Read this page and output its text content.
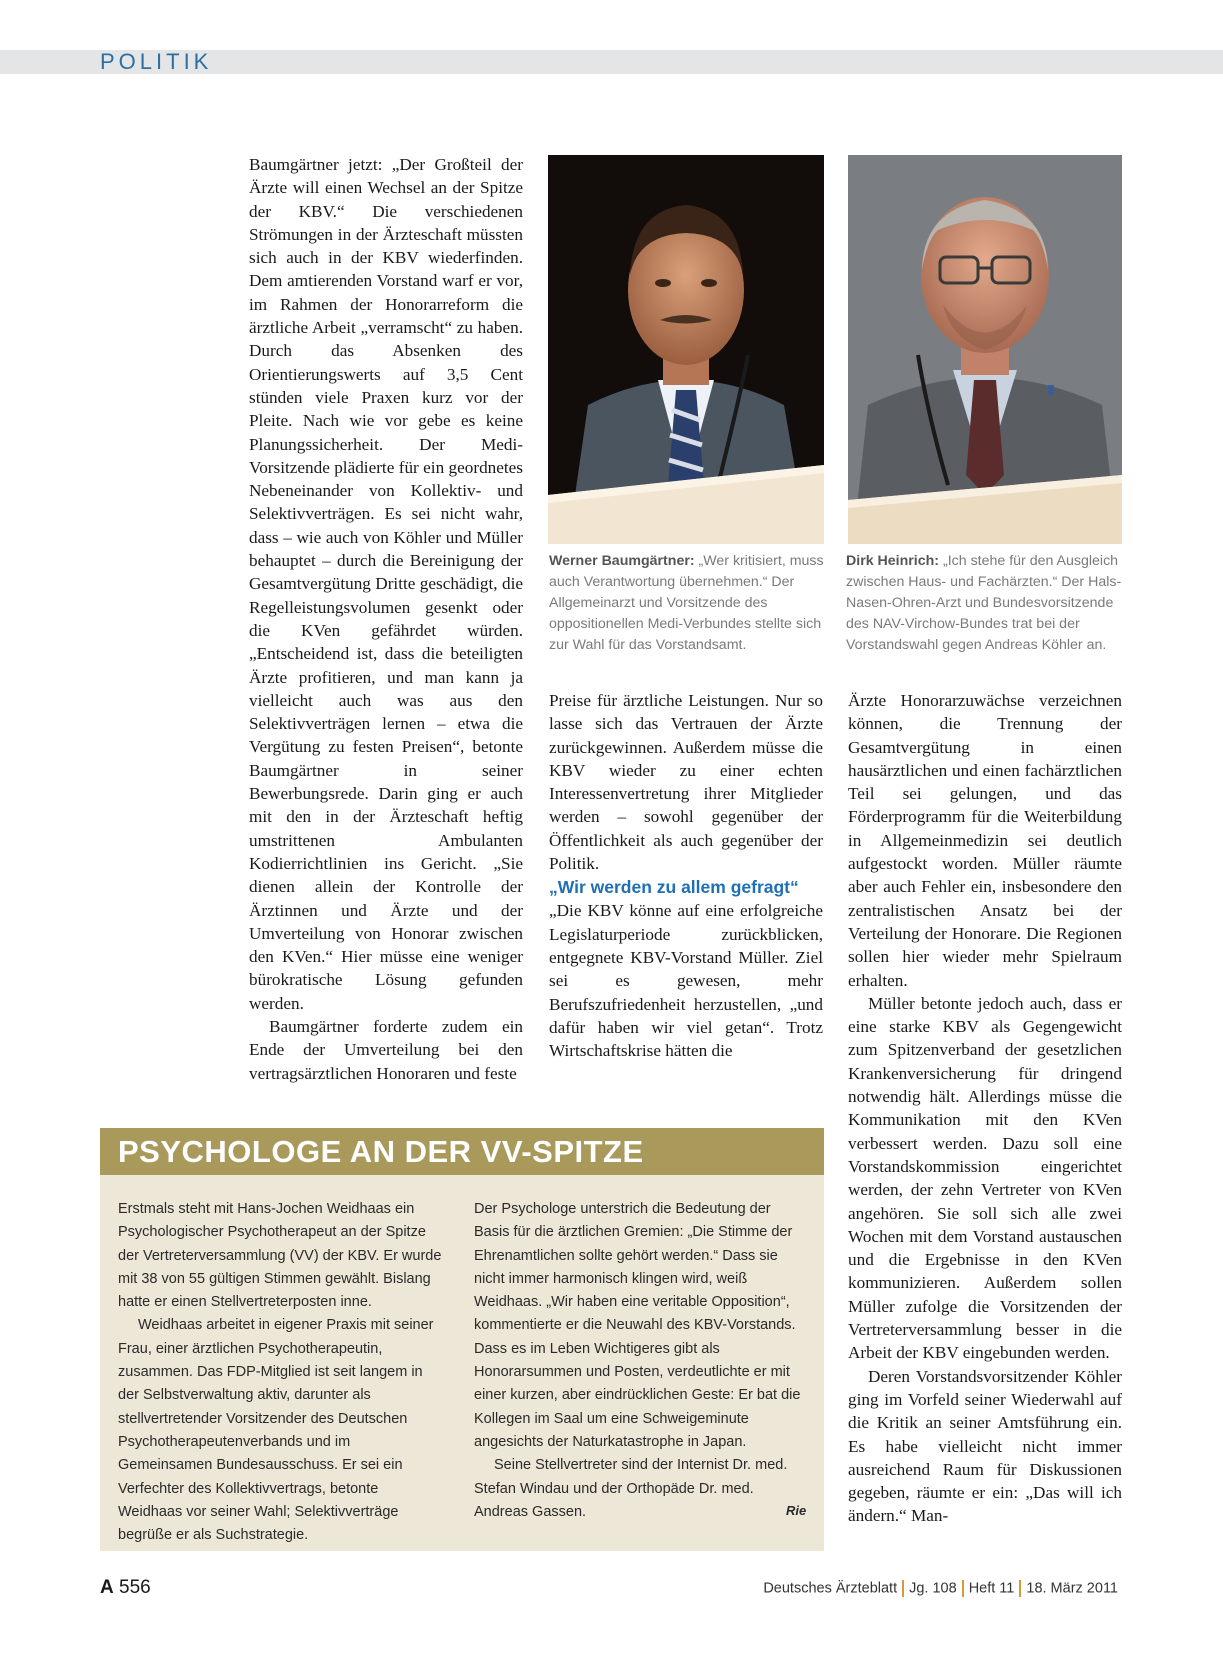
POLITIK

Baumgärtner jetzt: „Der Großteil der Ärzte will einen Wechsel an der Spitze der KBV.“ Die verschiedenen Strömungen in der Ärzteschaft müssten sich auch in der KBV wiederfinden. Dem amtierenden Vorstand warf er vor, im Rahmen der Honorarreform die ärztliche Arbeit „verramscht“ zu haben. Durch das Absenken des Orientierungswerts auf 3,5 Cent stünden viele Praxen kurz vor der Pleite. Nach wie vor gebe es keine Planungssicherheit. Der Medi-Vorsitzende plädierte für ein geordnetes Nebeneinander von Kollektiv- und Selektivverträgen. Es sei nicht wahr, dass – wie auch von Köhler und Müller behauptet – durch die Bereinigung der Gesamtvergütung Dritte geschädigt, die Regelleistungsvolumen gesenkt oder die KVen gefährdet würden. „Entscheidend ist, dass die beteiligten Ärzte profitieren, und man kann ja vielleicht auch was aus den Selektivverträgen lernen – etwa die Vergütung zu festen Preisen“, betonte Baumgärtner in seiner Bewerbungsrede. Darin ging er auch mit den in der Ärzteschaft heftig umstrittenen Ambulanten Kodierrichtlinien ins Gericht. „Sie dienen allein der Kontrolle der Ärztinnen und Ärzte und der Umverteilung von Honorar zwischen den KVen.“ Hier müsse eine weniger bürokratische Lösung gefunden werden.

Baumgärtner forderte zudem ein Ende der Umverteilung bei den vertragsärztlichen Honoraren und feste

Werner Baumgärtner: „Wer kritisiert, muss auch Verantwortung übernehmen.“ Der Allgemeinarzt und Vorsitzende des oppositionellen Medi-Verbundes stellte sich zur Wahl für das Vorstandsamt.
Dirk Heinrich: „Ich stehe für den Ausgleich zwischen Haus- und Fachärzten.“ Der Hals-Nasen-Ohren-Arzt und Bundesvorsitzende des NAV-Virchow-Bundes trat bei der Vorstandswahl gegen Andreas Köhler an.

Preise für ärztliche Leistungen. Nur so lasse sich das Vertrauen der Ärzte zurückgewinnen. Außerdem müsse die KBV wieder zu einer echten Interessenvertretung ihrer Mitglieder werden – sowohl gegenüber der Öffentlichkeit als auch gegenüber der Politik.

„Wir werden zu allem gefragt“

„Die KBV könne auf eine erfolgreiche Legislaturperiode zurückblicken, entgegnete KBV-Vorstand Müller. Ziel sei es gewesen, mehr Berufszufriedenheit herzustellen, „und dafür haben wir viel getan“. Trotz Wirtschaftskrise hätten die

Ärzte Honorarzuwächse verzeichnen können, die Trennung der Gesamtvergütung in einen hausärztlichen und einen fachärztlichen Teil sei gelungen, und das Förderprogramm für die Weiterbildung in Allgemeinmedizin sei deutlich aufgestockt worden. Müller räumte aber auch Fehler ein, insbesondere den zentralistischen Ansatz bei der Verteilung der Honorare. Die Regionen sollen hier wieder mehr Spielraum erhalten.

Müller betonte jedoch auch, dass er eine starke KBV als Gegengewicht zum Spitzenverband der gesetzlichen Krankenversicherung für dringend notwendig hält. Allerdings müsse die Kommunikation mit den KVen verbessert werden. Dazu soll eine Vorstandskommission eingerichtet werden, der zehn Vertreter von KVen angehören. Sie soll sich alle zwei Wochen mit dem Vorstand austauschen und die Ergebnisse in den KVen kommunizieren. Außerdem sollen Müller zufolge die Vorsitzenden der Vertreterversammlung besser in die Arbeit der KBV eingebunden werden.

Deren Vorstandsvorsitzender Köhler ging im Vorfeld seiner Wiederwahl auf die Kritik an seiner Amtsführung ein. Es habe vielleicht nicht immer ausreichend Raum für Diskussionen gegeben, räumte er ein: „Das will ich ändern.“ Man-

PSYCHOLOGE AN DER VV-SPITZE

Erstmals steht mit Hans-Jochen Weidhaas ein Psychologischer Psychotherapeut an der Spitze der Vertreterversammlung (VV) der KBV. Er wurde mit 38 von 55 gültigen Stimmen gewählt. Bislang hatte er einen Stellvertreterposten inne.

Weidhaas arbeitet in eigener Praxis mit seiner Frau, einer ärztlichen Psychotherapeutin, zusammen. Das FDP-Mitglied ist seit langem in der Selbstverwaltung aktiv, darunter als stellvertretender Vorsitzender des Deutschen Psychotherapeutenverbands und im Gemeinsamen Bundesausschuss. Er sei ein Verfechter des Kollektivvertrags, betonte Weidhaas vor seiner Wahl; Selektivverträge begrüße er als Suchstrategie.

Der Psychologe unterstrich die Bedeutung der Basis für die ärztlichen Gremien: „Die Stimme der Ehrenamtlichen sollte gehört werden.“ Dass sie nicht immer harmonisch klingen wird, weiß Weidhaas. „Wir haben eine veritable Opposition“, kommentierte er die Neuwahl des KBV-Vorstands. Dass es im Leben Wichtigeres gibt als Honorarsummen und Posten, verdeutlichte er mit einer kurzen, aber eindrücklichen Geste: Er bat die Kollegen im Saal um eine Schweigeminute angesichts der Naturkatastrophe in Japan.

Seine Stellvertreter sind der Internist Dr. med. Stefan Windau und der Orthopäde Dr. med. Andreas Gassen.	Rie
A 556	Deutsches Ärzteblatt Jg. 108 Heft 11 18. März 2011
